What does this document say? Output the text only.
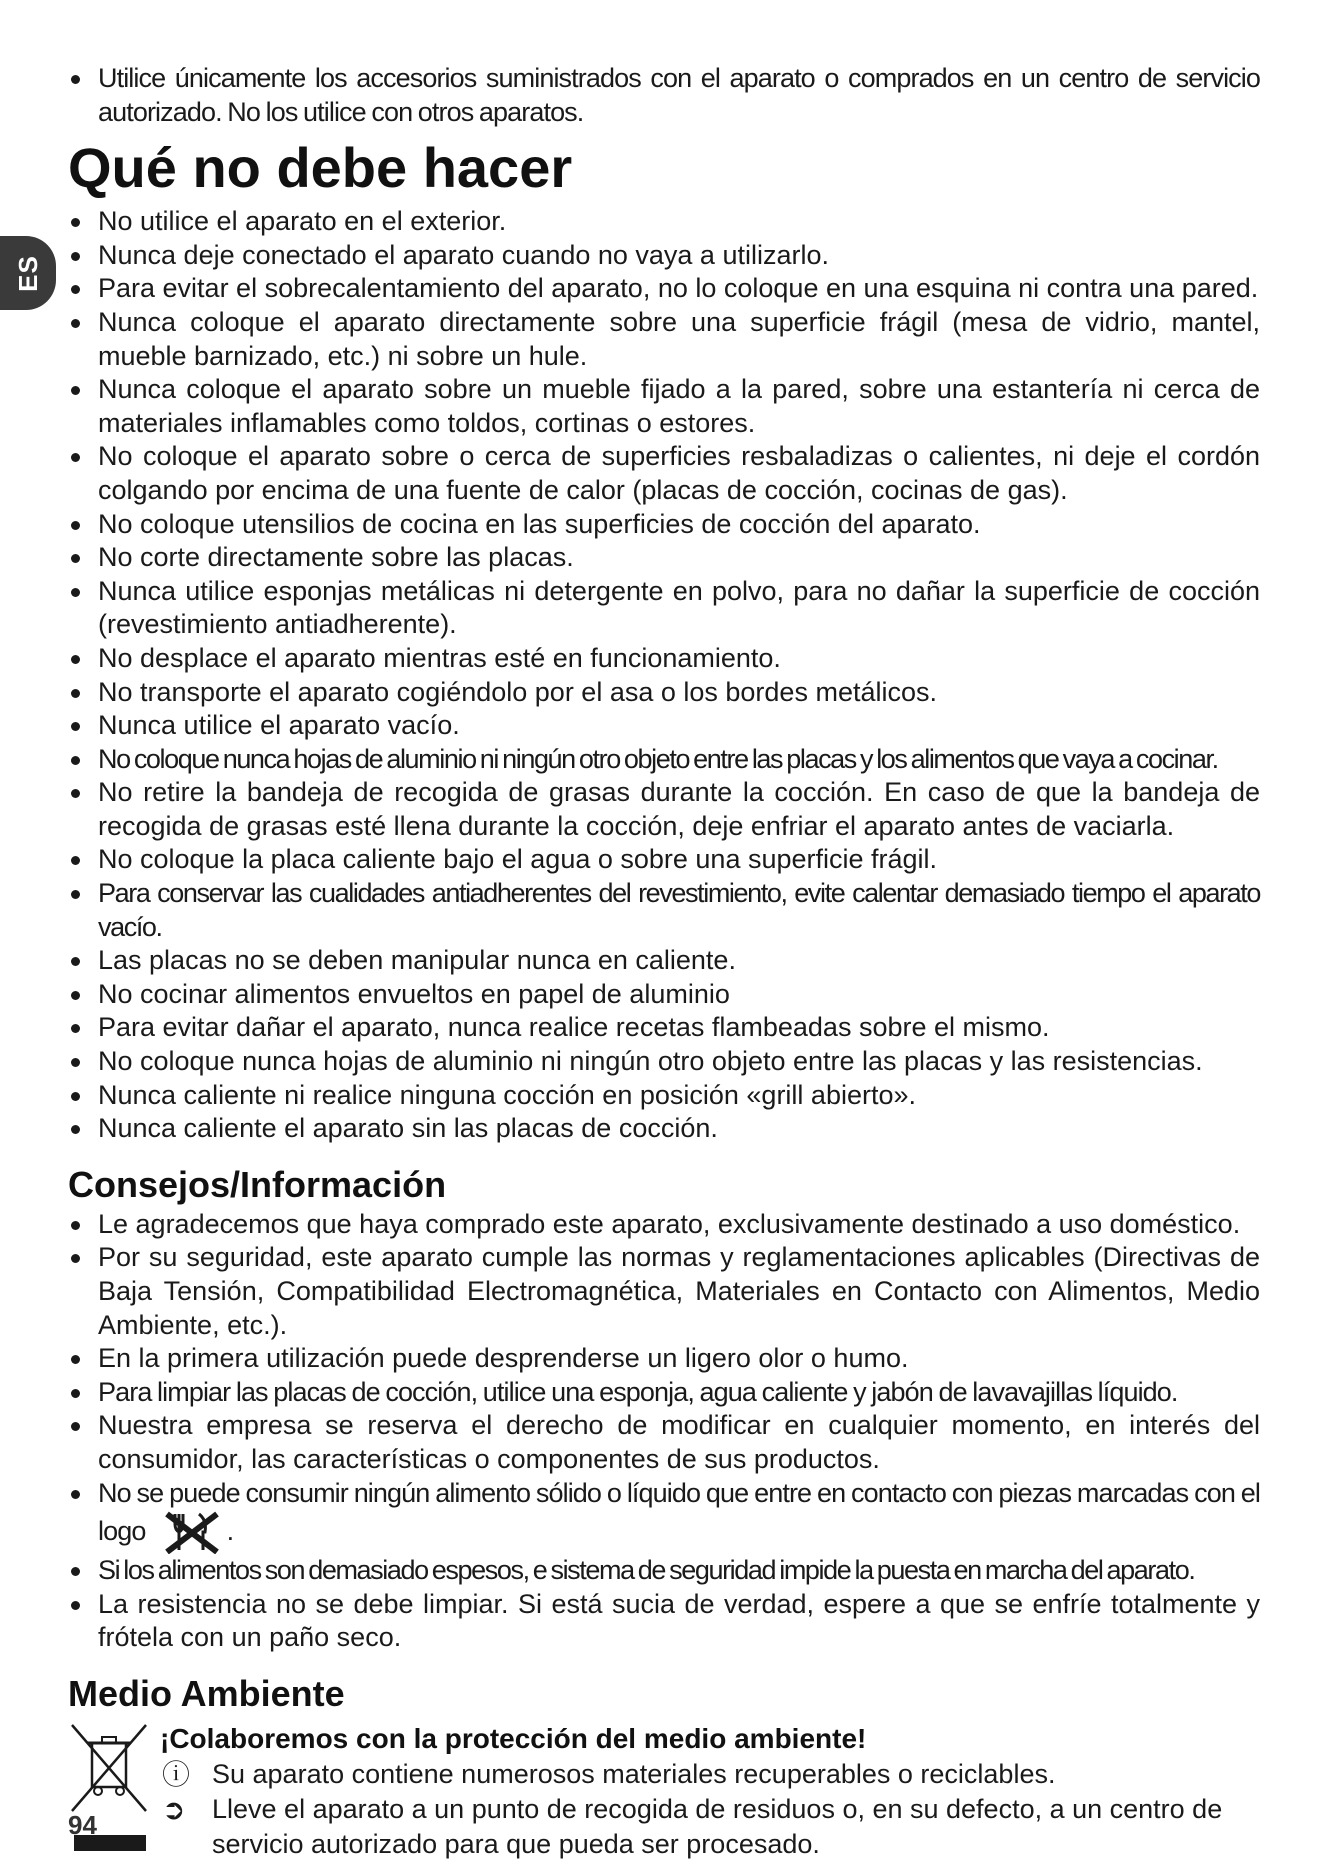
ES
Utilice únicamente los accesorios suministrados con el aparato o comprados en un centro de servicio autorizado. No los utilice con otros aparatos.
Qué no debe hacer
No utilice el aparato en el exterior.
Nunca deje conectado el aparato cuando no vaya a utilizarlo.
Para evitar el sobrecalentamiento del aparato, no lo coloque en una esquina ni contra una pared.
Nunca coloque el aparato directamente sobre una superficie frágil (mesa de vidrio, mantel, mueble barnizado, etc.) ni sobre un hule.
Nunca coloque el aparato sobre un mueble fijado a la pared, sobre una estantería ni cerca de materiales inflamables como toldos, cortinas o estores.
No coloque el aparato sobre o cerca de superficies resbaladizas o calientes, ni deje el cordón colgando por encima de una fuente de calor (placas de cocción, cocinas de gas).
No coloque utensilios de cocina en las superficies de cocción del aparato.
No corte directamente sobre las placas.
Nunca utilice esponjas metálicas ni detergente en polvo, para no dañar la superficie de cocción (revestimiento antiadherente).
No desplace el aparato mientras esté en funcionamiento.
No transporte el aparato cogiéndolo por el asa o los bordes metálicos.
Nunca utilice el aparato vacío.
No coloque nunca hojas de aluminio ni ningún otro objeto entre las placas y los alimentos que vaya a cocinar.
No retire la bandeja de recogida de grasas durante la cocción. En caso de que la bandeja de recogida de grasas esté llena durante la cocción, deje enfriar el aparato antes de vaciarla.
No coloque la placa caliente bajo el agua o sobre una superficie frágil.
Para conservar las cualidades antiadherentes del revestimiento, evite calentar demasiado tiempo el aparato vacío.
Las placas no se deben manipular nunca en caliente.
No cocinar alimentos envueltos en papel de aluminio
Para evitar dañar el aparato, nunca realice recetas flambeadas sobre el mismo.
No coloque nunca hojas de aluminio ni ningún otro objeto entre las placas y las resistencias.
Nunca caliente ni realice ninguna cocción en posición «grill abierto».
Nunca caliente el aparato sin las placas de cocción.
Consejos/Información
Le agradecemos que haya comprado este aparato, exclusivamente destinado a uso doméstico.
Por su seguridad, este aparato cumple las normas y reglamentaciones aplicables (Directivas de Baja Tensión, Compatibilidad Electromagnética, Materiales en Contacto con Alimentos, Medio Ambiente, etc.).
En la primera utilización puede desprenderse un ligero olor o humo.
Para limpiar las placas de cocción, utilice una esponja, agua caliente y jabón de lavavajillas líquido.
Nuestra empresa se reserva el derecho de modificar en cualquier momento, en interés del consumidor, las características o componentes de sus productos.
No se puede consumir ningún alimento sólido o líquido que entre en contacto con piezas marcadas con el logo	.
Si los alimentos son demasiado espesos, e sistema de seguridad impide la puesta en marcha del aparato.
La resistencia no se debe limpiar. Si está sucia de verdad, espere a que se enfríe totalmente y frótela con un paño seco.
Medio Ambiente
¡Colaboremos con la protección del medio ambiente!
ⓘ Su aparato contiene numerosos materiales recuperables o reciclables.
➲ Lleve el aparato a un punto de recogida de residuos o, en su defecto, a un centro de servicio autorizado para que pueda ser procesado.
94
